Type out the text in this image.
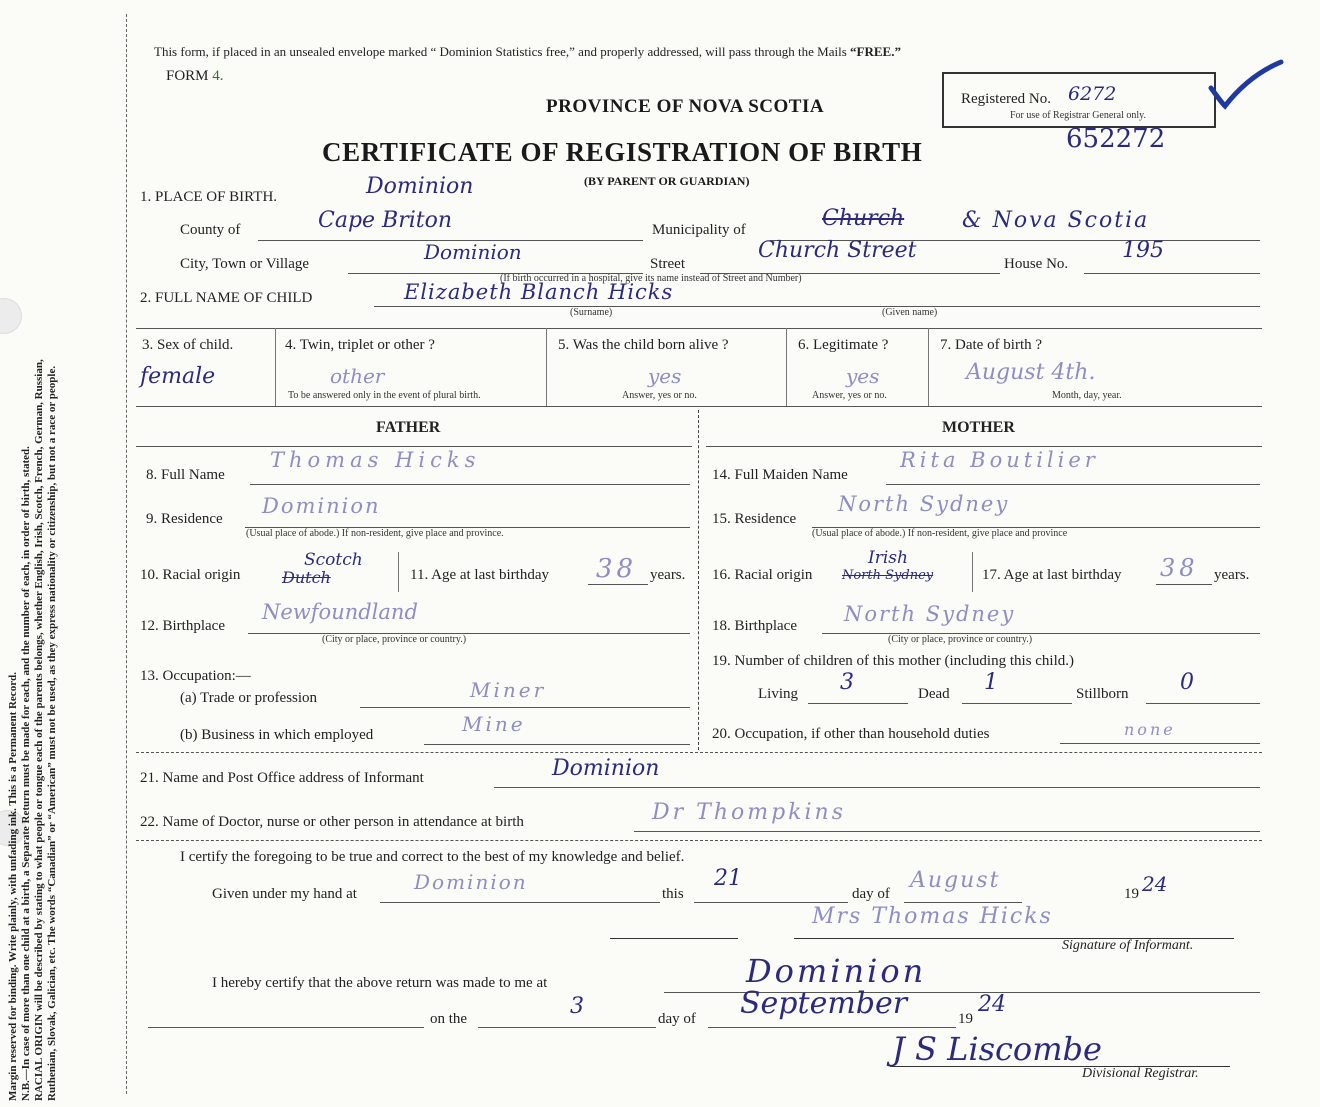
Margin reserved for binding. Write plainly, with unfading ink. This is a Permanent Record. N.B.—In case of more than one child at a birth, a Separate Return must be made for each, and the number of each, in order of birth, stated. RACIAL ORIGIN will be described by stating to what people or tongue each of the parents belongs, whether English, Irish, Scotch, French, German, Russian, Ruthenian, Slovak, Galician, etc. The words “Canadian” or “American” must not be used, as they express nationality or citizenship, but not a race or people.
This form, if placed in an unsealed envelope marked “ Dominion Statistics free,” and properly addressed, will pass through the Mails “FREE.”
FORM 4.
PROVINCE OF NOVA SCOTIA
CERTIFICATE OF REGISTRATION OF BIRTH
(BY PARENT OR GUARDIAN)
Registered No. 6272
For use of Registrar General only.
652272
1. PLACE OF BIRTH.	Dominion
County of	Cape Briton	Municipality of	Church	& Nova Scotia
City, Town or Village	Dominion	Street
Church Street
House No.
195
(If birth occurred in a hospital, give its name instead of Street and Number)
2. FULL NAME OF CHILD	Elizabeth Blanch Hicks
(Surname)	(Given name)
3. Sex of child.
female
4. Twin, triplet or other ?
other
To be answered only in the event of plural birth.
5. Was the child born alive ?
yes
Answer, yes or no.
6. Legitimate ?
yes
Answer, yes or no.
7. Date of birth ?
August 4th.
Month, day, year.
FATHER	MOTHER
8. Full Name
Thomas Hicks
9. Residence
Dominion
(Usual place of abode.) If non-resident, give place and province.
10. Racial origin	Dutch
Scotch
11. Age at last birthday 38 years.
12. Birthplace
Newfoundland
(City or place, province or country.)
13. Occupation:—
(a) Trade or profession	Miner
(b) Business in which employed	Mine
14. Full Maiden Name
Rita Boutilier
15. Residence
North Sydney
(Usual place of abode.) If non-resident, give place and province
16. Racial origin North Sydney
Irish
17. Age at last birthday 38 years.
18. Birthplace North Sydney
(City or place, province or country.)
19. Number of children of this mother (including this child.)
Living 3	Dead 1	Stillborn 0
20. Occupation, if other than household duties	none
21. Name and Post Office address of Informant	Dominion
22. Name of Doctor, nurse or other person in attendance at birth	Dr Thompkins
I certify the foregoing to be true and correct to the best of my knowledge and belief.
Given under my hand at	Dominion	this
21
day of
August
19 24
Mrs Thomas Hicks
Signature of Informant.
I hereby certify that the above return was made to me at	Dominion
on the	3	day of September	19
24
J S Liscombe
Divisional Registrar.
